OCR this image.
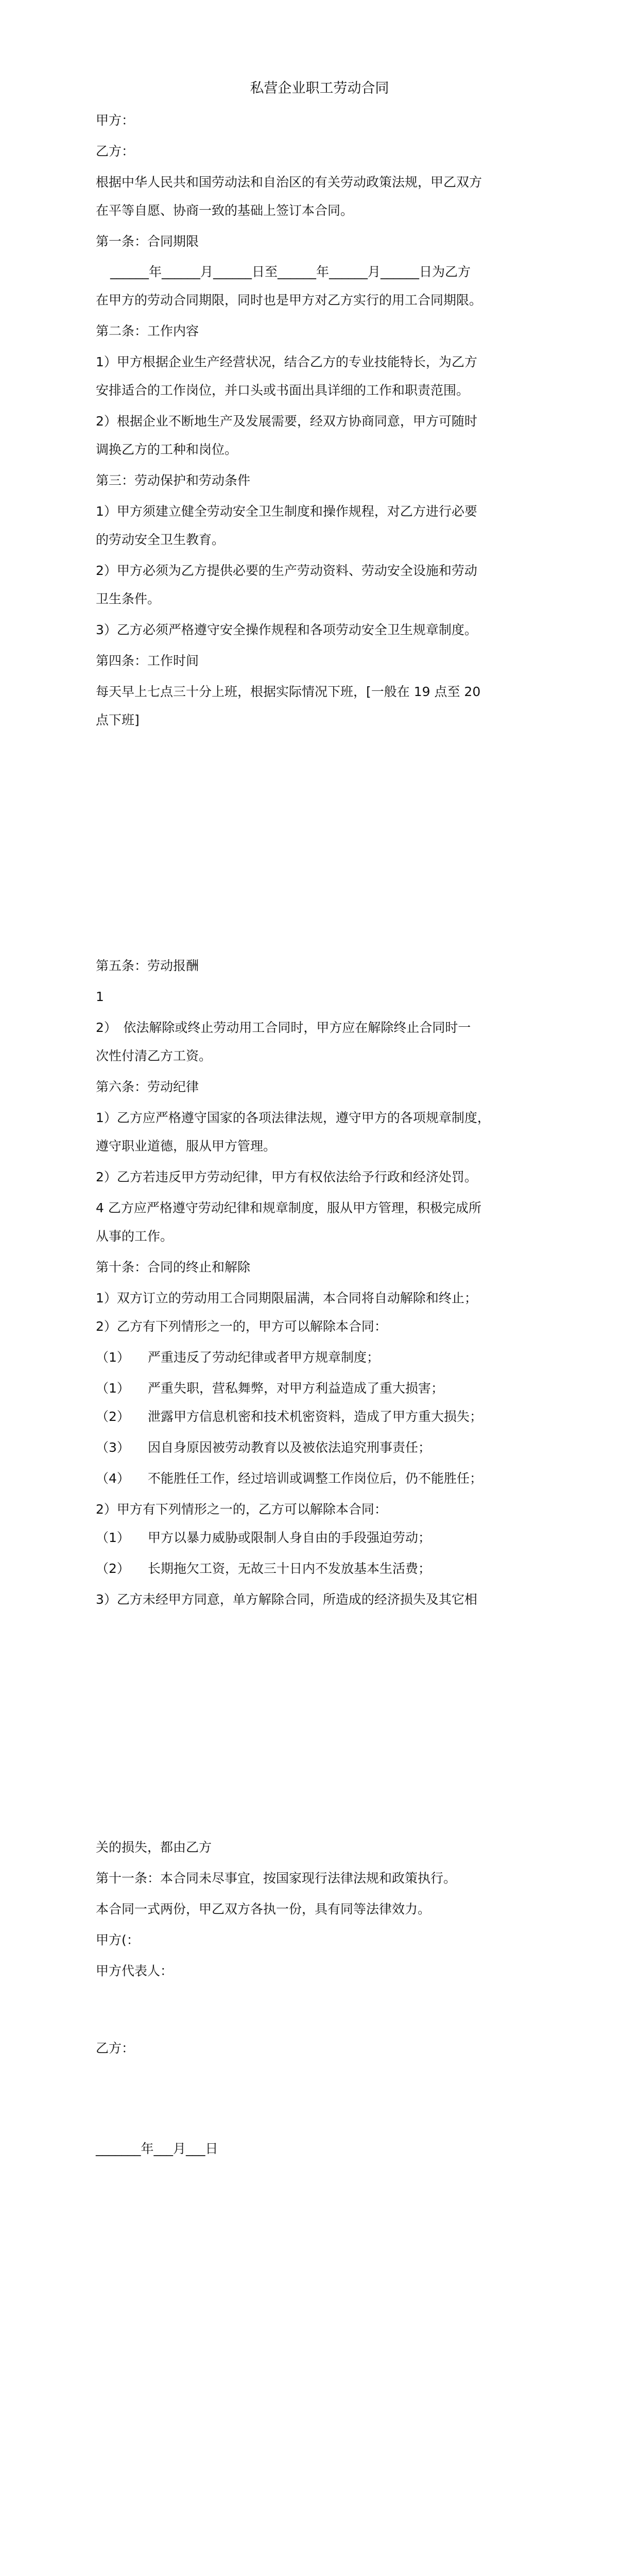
私营企业职工劳动合同

甲方：

乙方：

根据中华人民共和国劳动法和自治区的有关劳动政策法规，甲乙双方

在平等自愿、协商一致的基础上签订本合同。

第一条：合同期限

______年______月______日至______年______月______日为乙方

在甲方的劳动合同期限，同时也是甲方对乙方实行的用工合同期限。

第二条：工作内容

1）甲方根据企业生产经营状况，结合乙方的专业技能特长，为乙方

安排适合的工作岗位，并口头或书面出具详细的工作和职责范围。

2）根据企业不断地生产及发展需要，经双方协商同意，甲方可随时

调换乙方的工种和岗位。

第三：劳动保护和劳动条件

1）甲方须建立健全劳动安全卫生制度和操作规程，对乙方进行必要

的劳动安全卫生教育。

2）甲方必须为乙方提供必要的生产劳动资料、劳动安全设施和劳动

卫生条件。

3）乙方必须严格遵守安全操作规程和各项劳动安全卫生规章制度。

第四条：工作时间

每天早上七点三十分上班，根据实际情况下班，[一般在 19 点至 20

点下班]

第五条：劳动报酬

1

2）　依法解除或终止劳动用工合同时，甲方应在解除终止合同时一

次性付清乙方工资。

第六条：劳动纪律

1）乙方应严格遵守国家的各项法律法规，遵守甲方的各项规章制度，

遵守职业道德，服从甲方管理。

2）乙方若违反甲方劳动纪律，甲方有权依法给予行政和经济处罚。

4 乙方应严格遵守劳动纪律和规章制度，服从甲方管理，积极完成所

从事的工作。

第十条：合同的终止和解除

1）双方订立的劳动用工合同期限届满，本合同将自动解除和终止；

2）乙方有下列情形之一的，甲方可以解除本合同：

（1） 严重违反了劳动纪律或者甲方规章制度；
（1） 严重失职，营私舞弊，对甲方利益造成了重大损害；
（2） 泄露甲方信息机密和技术机密资料，造成了甲方重大损失；
（3） 因自身原因被劳动教育以及被依法追究刑事责任；
（4） 不能胜任工作，经过培训或调整工作岗位后，仍不能胜任；

2）甲方有下列情形之一的，乙方可以解除本合同：

（1） 甲方以暴力威胁或限制人身自由的手段强迫劳动；
（2） 长期拖欠工资，无故三十日内不发放基本生活费；

3）乙方未经甲方同意，单方解除合同，所造成的经济损失及其它相

关的损失，都由乙方

第十一条：本合同未尽事宜，按国家现行法律法规和政策执行。

本合同一式两份，甲乙双方各执一份，具有同等法律效力。

甲方(：

甲方代表人：

乙方：

_______年___月___日
